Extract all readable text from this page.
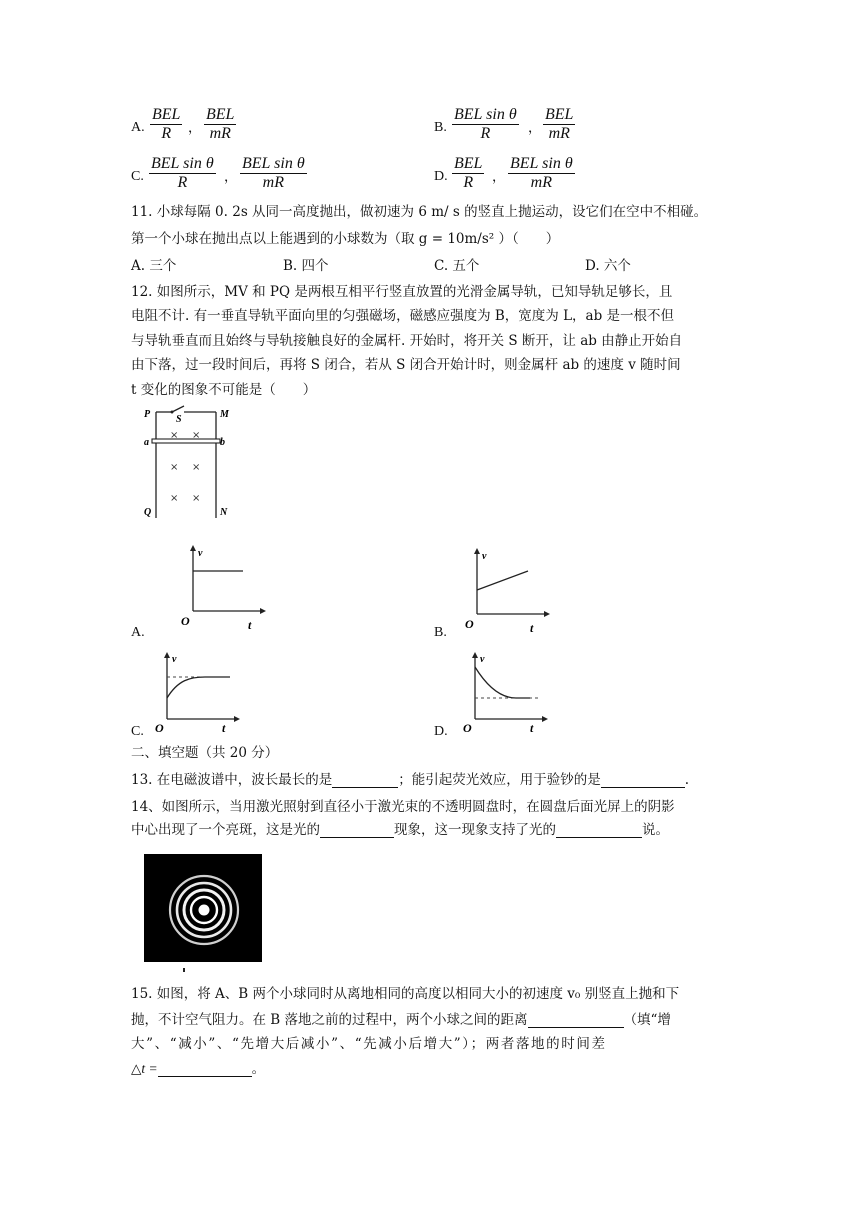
A.
BEL
R ，
BEL
mR	B.
BEL sin θ
R	，
BEL
mR
C.
BEL sin θ
R	，
BEL sin θ
mR	D.
BEL
R ，
BEL sin θ
mR
11. 小球每隔 0. 2s 从同一高度抛出，做初速为 6 m/ s 的竖直上抛运动，设它们在空中不相碰。
第一个小球在抛出点以上能遇到的小球数为（取 g = 10m/s² ）（　　）
A. 三个	B. 四个	C. 五个	D. 六个
12. 如图所示，MV 和 PQ 是两根互相平行竖直放置的光滑金属导轨，已知导轨足够长，且
电阻不计. 有一垂直导轨平面向里的匀强磁场，磁感应强度为 B，宽度为 L，ab 是一根不但
与导轨垂直而且始终与导轨接触良好的金属杆. 开始时，将开关 S 断开，让 ab 由静止开始自
由下落，过一段时间后，再将 S 闭合，若从 S 闭合开始计时，则金属杆 ab 的速度 v 随时间
t 变化的图象不可能是（　　）
P	S	M
a	b
Q	N
× ×
× ×
× ×
A.
v
O	t	B.
v
O	t
C.
v
O	t	D.
v
O	t
二、填空题（共 20 分）
13. 在电磁波谱中，波长最长的是	；能引起荧光效应，用于验钞的是	.
14、如图所示，当用激光照射到直径小于激光束的不透明圆盘时，在圆盘后面光屏上的阴影
中心出现了一个亮斑，这是光的	现象，这一现象支持了光的	说。
15. 如图，将 A、B 两个小球同时从离地相同的高度以相同大小的初速度 v₀ 别竖直上抛和下
抛，不计空气阻力。在 B 落地之前的过程中，两个小球之间的距离	（填“增
大”、“减小”、“先增大后减小”、“先减小后增大”）；两者落地的时间差
△t =	。
